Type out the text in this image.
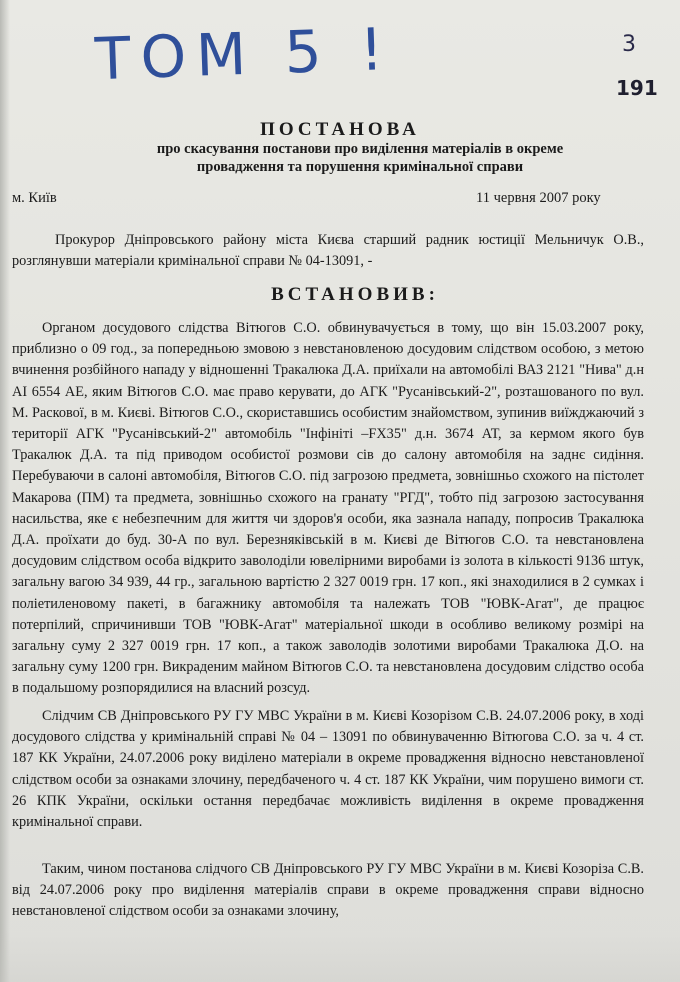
ТОМ 5 !	3
191
ПОСТАНОВА
про скасування постанови про виділення матеріалів в окреме
провадження та порушення кримінальної справи
м. Київ	11 червня 2007 року
Прокурор Дніпровського району міста Києва старший радник юстиції Мельничук О.В., розглянувши матеріали кримінальної справи № 04-13091, -
ВСТАНОВИВ:
Органом досудового слідства Вітюгов С.О. обвинувачується в тому, що він 15.03.2007 року, приблизно о 09 год., за попередньою змовою з невстановленою досудовим слідством особою, з метою вчинення розбійного нападу у відношенні Тракалюка Д.А. приїхали на автомобілі ВАЗ 2121 "Нива" д.н АІ 6554 АЕ, яким Вітюгов С.О. має право керувати, до АГК "Русанівський-2", розташованого по вул. М. Раскової, в м. Києві. Вітюгов С.О., скориставшись особистим знайомством, зупинив виїжджаючий з території АГК "Русанівський-2" автомобіль "Інфініті –FX35" д.н. 3674 АТ, за кермом якого був Тракалюк Д.А. та під приводом особистої розмови сів до салону автомобіля на заднє сидіння. Перебуваючи в салоні автомобіля, Вітюгов С.О. під загрозою предмета, зовнішньо схожого на пістолет Макарова (ПМ) та предмета, зовнішньо схожого на гранату "РГД", тобто під загрозою застосування насильства, яке є небезпечним для життя чи здоров'я особи, яка зазнала нападу, попросив Тракалюка Д.А. проїхати до буд. 30-А по вул. Березняківській в м. Києві де Вітюгов С.О. та невстановлена досудовим слідством особа відкрито заволоділи ювелірними виробами із золота в кількості 9136 штук, загальну вагою 34 939, 44 гр., загальною вартістю 2 327 0019 грн. 17 коп., які знаходилися в 2 сумках і поліетиленовому пакеті, в багажнику автомобіля та належать ТОВ "ЮВК-Агат", де працює потерпілий, спричинивши ТОВ "ЮВК-Агат" матеріальної шкоди в особливо великому розмірі на загальну суму 2 327 0019 грн. 17 коп., а також заволодів золотими виробами Тракалюка Д.О. на загальну суму 1200 грн. Викраденим майном Вітюгов С.О. та невстановлена досудовим слідство особа в подальшому розпорядилися на власний розсуд.
Слідчим СВ Дніпровського РУ ГУ МВС України в м. Києві Козорізом С.В. 24.07.2006 року, в ході досудового слідства у кримінальній справі № 04 – 13091 по обвинуваченню Вітюгова С.О. за ч. 4 ст. 187 КК України, 24.07.2006 року виділено матеріали в окреме провадження відносно невстановленої слідством особи за ознаками злочину, передбаченого ч. 4 ст. 187 КК України, чим порушено вимоги ст. 26 КПК України, оскільки остання передбачає можливість виділення в окреме провадження кримінальної справи.
Таким, чином постанова слідчого СВ Дніпровського РУ ГУ МВС України в м. Києві Козоріза С.В. від 24.07.2006 року про виділення матеріалів справи в окреме провадження справи відносно невстановленої слідством особи за ознаками злочину,
